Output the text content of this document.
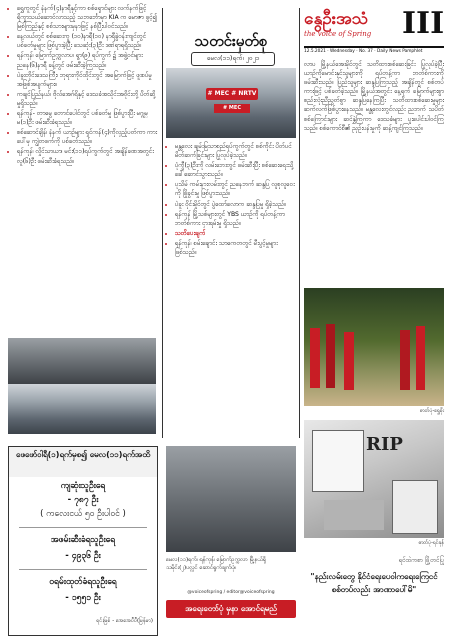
• ရွှေကူတွင် နံနက်(၄)နာရီနှင့်ကာ စစ်ရှောင်များ လက်နက်ဖြင့် ရိက္ခာသယ်ဆောင်လာသည့် သဘင်္ဘောမှာ KIA က မောဇာ ဖွင့်၍ မြစ်ကြည်နှင့် စစ်သားများမှနာဖြင့် နစ်ပြီးပါဝင်သည်။
• နေ့လယ်တွင် စစ်ဆေးကူ (၁၀)နာရီ(၁၀) နာရီခွဲဝန်းကျင်တွင် ပစ်ခတ်မှုများ ဖြစ်ပွားခဲ့ပြီး သေဆုံး(၃)ဦး ဒဏ်ရာရရှိသည်။
• ရန်ကုန်၊ မြောက်ဥက္ကလာပ၊ ရွာ(၉) ရပ်ကွက် ၌ အဖွဲ့ဝင်များ ညနေ(၆)နာရီ ခန့်တွင် ဖမ်းဆီးခဲ့ကြသည်။
• ပဲခူးတိုင်းဒေသကြီး၊ ဘုရားကိုင်ထိုင်းတွင် အမြောက်ဖြင့် ဖူးစပ်မှုအဖြစ်အပျက်များ။
• ကချင်ပြည်နယ်၊ ဗိုလ်အေဂ်ရိနှင့် ဒေသခံအသိုင်းအဝိုင်းတို့ ပိတ်ဆို့မှုရှိသည်။
• ရန်ကုန်- တာမွေ တောင်ပေါင်တွင် ပစ်ခတ်မှု ဖြစ်ပွားပြီး မဂ္ဂုမ္မ(၁)ဦး ဖမ်းဆီးခံရသည်။
• စစ်ဆောင်ချိန်၊ နံနက် ယာဉ်များ ရှင်ကန်(၄)ကိုလှည့်ပတ်ကာ ကားပေါ်မှ ကျွဲတဖက်ကို ပစ်ခတ်သည်။
• ရန်ကုန်၊ လှိုင်သာယာ၊ မင်း(၁၁)ရပ်ကွက်တွင် အချိန်ခဏအတွင်း လူ(၆)ဦး ဖမ်းဆီးခံရသည်။
သတင်းမှတ်စု
မေလ(၁၁)ရက်၊ ၂၀၂၁
# MEC # NRTV
# MEC
• မန္တလေး ချမ်းမြသာစည်ရပ်ကွက်တွင် စစ်ကိုင်း ပိတ်ပင် မိတ်ဆက်ခြင်းများ ပြုလုပ်ခဲ့သည်။
• ပုံကွီ(၃)ဦးကို လမ်းဘေးတွင် ဖမ်းဆီးပြီး စစ်ဆေးရေးသို့ ခေါ်ဆောင်သွားသည်။
• ပုသိမ် ကမ်းနားလမ်းတွင် ညနေဘက် ဆန္ဒပြ လူစုလူဝေးကို ဖြိုခွင်းမှု ဖြစ်ပွားသည်။
• ပဲခူး ဝိုင်းမှိုင်တွင် ပွဲထော်လောက ဆန္ဒပြမှု ရှိခဲ့သည်။
• ရန်ကုန် မြို့သစ်များတွင် YBS ယာဉ်ကို ရပ်တန့်ကာ ဘတ်စ်ကား ငှားရမ်းမှု ရှိသည်။
• သတိပေးချက်
• ရန်ကုန်၊ စမ်းချောင်း သာကေတတွင် မီးပွင့်မှုများ ဖြစ်သည်။
နွေဦးအသံ
the voice of Spring	III
12.5.2021 · Wednesday · No. 37 · Daily News Pamphlet
လာပ မြို့နယ်အေးမိုင်တွင် သတိထားစစ်ဆေးခြင်း ပြုလုပ်ခဲ့ပြီး ယာဉ်ကိုမောင်းနှင်သူများကို ရပ်တန့်ကာ ဘတ်စ်ကားကို ဖမ်းဆီးသည်။ ပြည်သူများ ဆန္ဒပြကြသည့် အချိန်တွင် စစ်တပ်ကားဖြင့် ပစ်ခတ်ခဲ့သည်။ မြို့နယ်အတွင်း နေ့ရက် မြောက်များစွာ စည်းလုံးညီညွတ်စွာ ဆန္ဒပြနေကြပြီး သတိထားစစ်ဆေးမှုများ ဆက်လက်ဖြစ်ပွားနေသည်။ မန္တလေးတွင်လည်း ညဘက် သပိတ်စစ်ကြောင်းများ ဆင်နွှဲကြကာ ဒေသခံများ ပူးပေါင်းပါဝင်ကြသည်။ စစ်ကောင်စီ၏ ညှဉ်းပန်းမှုကို ဆန့်ကျင်ကြသည်။
ဓာတ်ပုံ-ရွှေစိုး
ဖေဖော်ဝါရီ(၁)ရက်မှစ၍ မေလ(၁၁)ရက်အထိ
ကျဆုံးသူဦးရေ
- ၇၈၇ ဦး
( ကလေးငယ် ၅၀ ဦးပါဝင် )
အဖမ်းဆီးခံရသူဦးရေ
- ၄၉၃၆ ဦး
ဝရမ်းထုတ်ခံရသူဦးရေ
- ၁၅၅၁ ဦး
ရင်းမြစ် - အေအေပီပီ(မြန်မာ)
မေလ(၁၁)ရက်၊ ရန်ကုန်၊ မြောက်ဥက္ကလာ မြို့နယ်ရှိ သမိုင်း(၂)ပလ္လင် ဆောင်ရွက်ချက်ပုံ။
@voiceofspring / editor@voiceofspring
အရေးတော်ပုံ မှနာ အောင်ရမည်
RIP
ဓာတ်ပုံ-ရင်ခုန်
ရင်ထဲကစာ ဖြို့တင်ပြု
"နည်းလမ်းတွေ နိုင်ငံရေးပေဝါကရေးကြေငင် စစ်တပ်လည်း အာဏာပေါ်မိ"
